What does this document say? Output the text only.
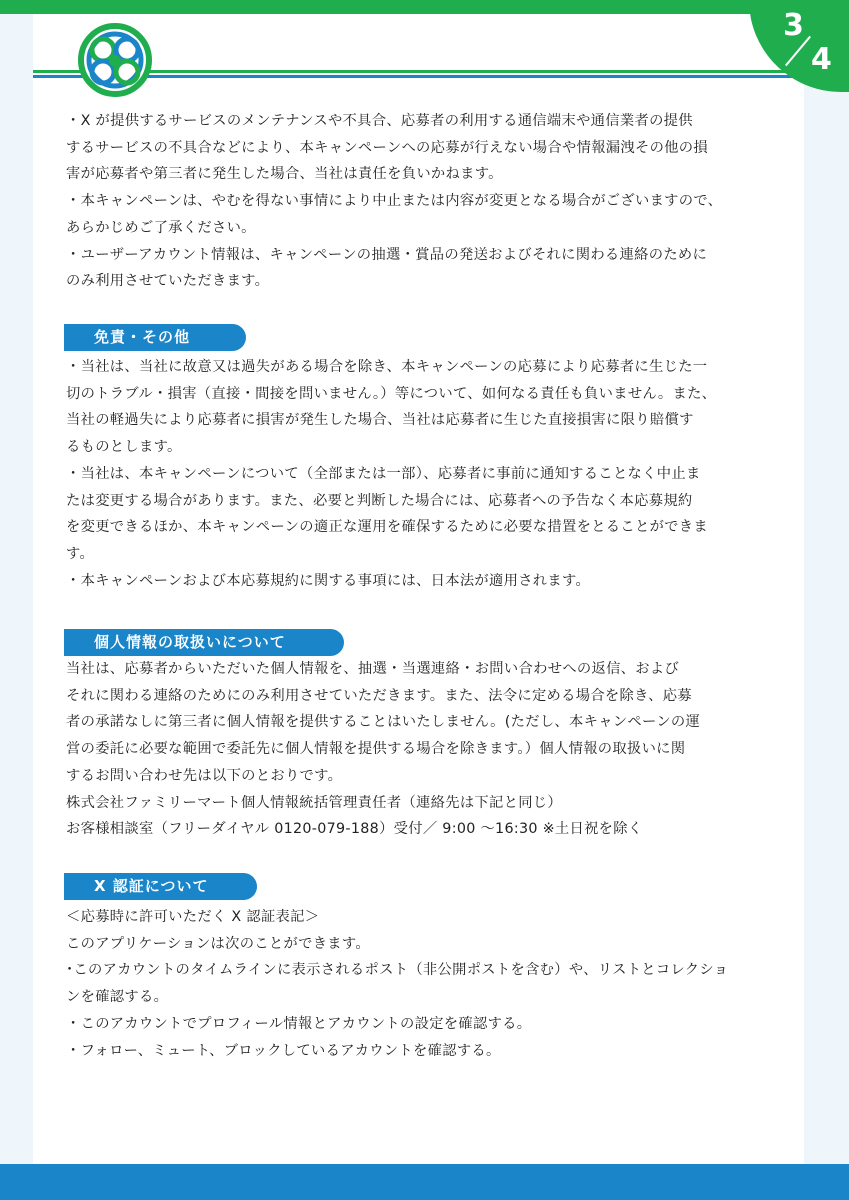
3
4

・X が提供するサービスのメンテナンスや不具合、応募者の利用する通信端末や通信業者の提供

するサービスの不具合などにより、本キャンペーンへの応募が行えない場合や情報漏洩その他の損

害が応募者や第三者に発生した場合、当社は責任を負いかねます。

・本キャンペーンは、やむを得ない事情により中止または内容が変更となる場合がございますので、

あらかじめご了承ください。

・ユーザーアカウント情報は、キャンペーンの抽選・賞品の発送およびそれに関わる連絡のために

のみ利用させていただきます。

免責・その他

・当社は、当社に故意又は過失がある場合を除き、本キャンペーンの応募により応募者に生じた一

切のトラブル・損害（直接・間接を問いません。）等について、如何なる責任も負いません。また、

当社の軽過失により応募者に損害が発生した場合、当社は応募者に生じた直接損害に限り賠償す

るものとします。

・当社は、本キャンペーンについて（全部または一部）、応募者に事前に通知することなく中止ま

たは変更する場合があります。また、必要と判断した場合には、応募者への予告なく本応募規約

を変更できるほか、本キャンペーンの適正な運用を確保するために必要な措置をとることができま

す。

・本キャンペーンおよび本応募規約に関する事項には、日本法が適用されます。

個人情報の取扱いについて

当社は、応募者からいただいた個人情報を、抽選・当選連絡・お問い合わせへの返信、および

それに関わる連絡のためにのみ利用させていただきます。また、法令に定める場合を除き、応募

者の承諾なしに第三者に個人情報を提供することはいたしません。(ただし、本キャンペーンの運

営の委託に必要な範囲で委託先に個人情報を提供する場合を除きます。）個人情報の取扱いに関

するお問い合わせ先は以下のとおりです。

株式会社ファミリーマート個人情報統括管理責任者（連絡先は下記と同じ）

お客様相談室（フリーダイヤル 0120-079-188）受付／ 9:00 ～16:30 ※土日祝を除く

X 認証について

＜応募時に許可いただく X 認証表記＞

このアプリケーションは次のことができます。

･このアカウントのタイムラインに表示されるポスト（非公開ポストを含む）や、リストとコレクショ

ンを確認する。

・このアカウントでプロフィール情報とアカウントの設定を確認する。

・フォロー、ミュート、ブロックしているアカウントを確認する。
